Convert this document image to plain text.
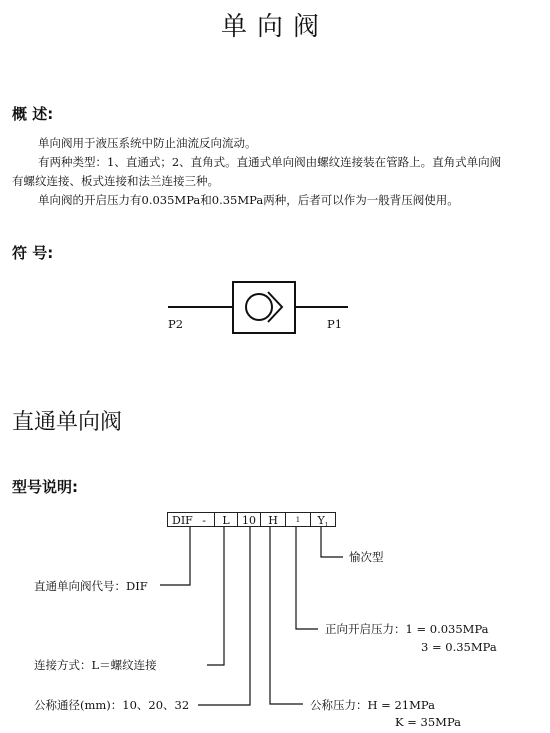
单向阀
概 述:
单向阀用于液压系统中防止油流反向流动。
有两种类型：1、直通式；2、直角式。直通式单向阀由螺纹连接装在管路上。直角式单向阀
有螺纹连接、板式连接和法兰连接三种。
单向阀的开启压力有0.035MPa和0.35MPa两种，后者可以作为一般背压阀使用。
符 号:
P2	P1
直通单向阀
型号说明:
DIF -	L	10	H	1	$Y_1$
愉次型
直通单向阀代号：DIF
正向开启压力：1 = 0.035MPa
3 = 0.35MPa
连接方式：L＝螺纹连接
公称通径(mm)：10、20、32	公称压力：H = 21MPa
K = 35MPa
